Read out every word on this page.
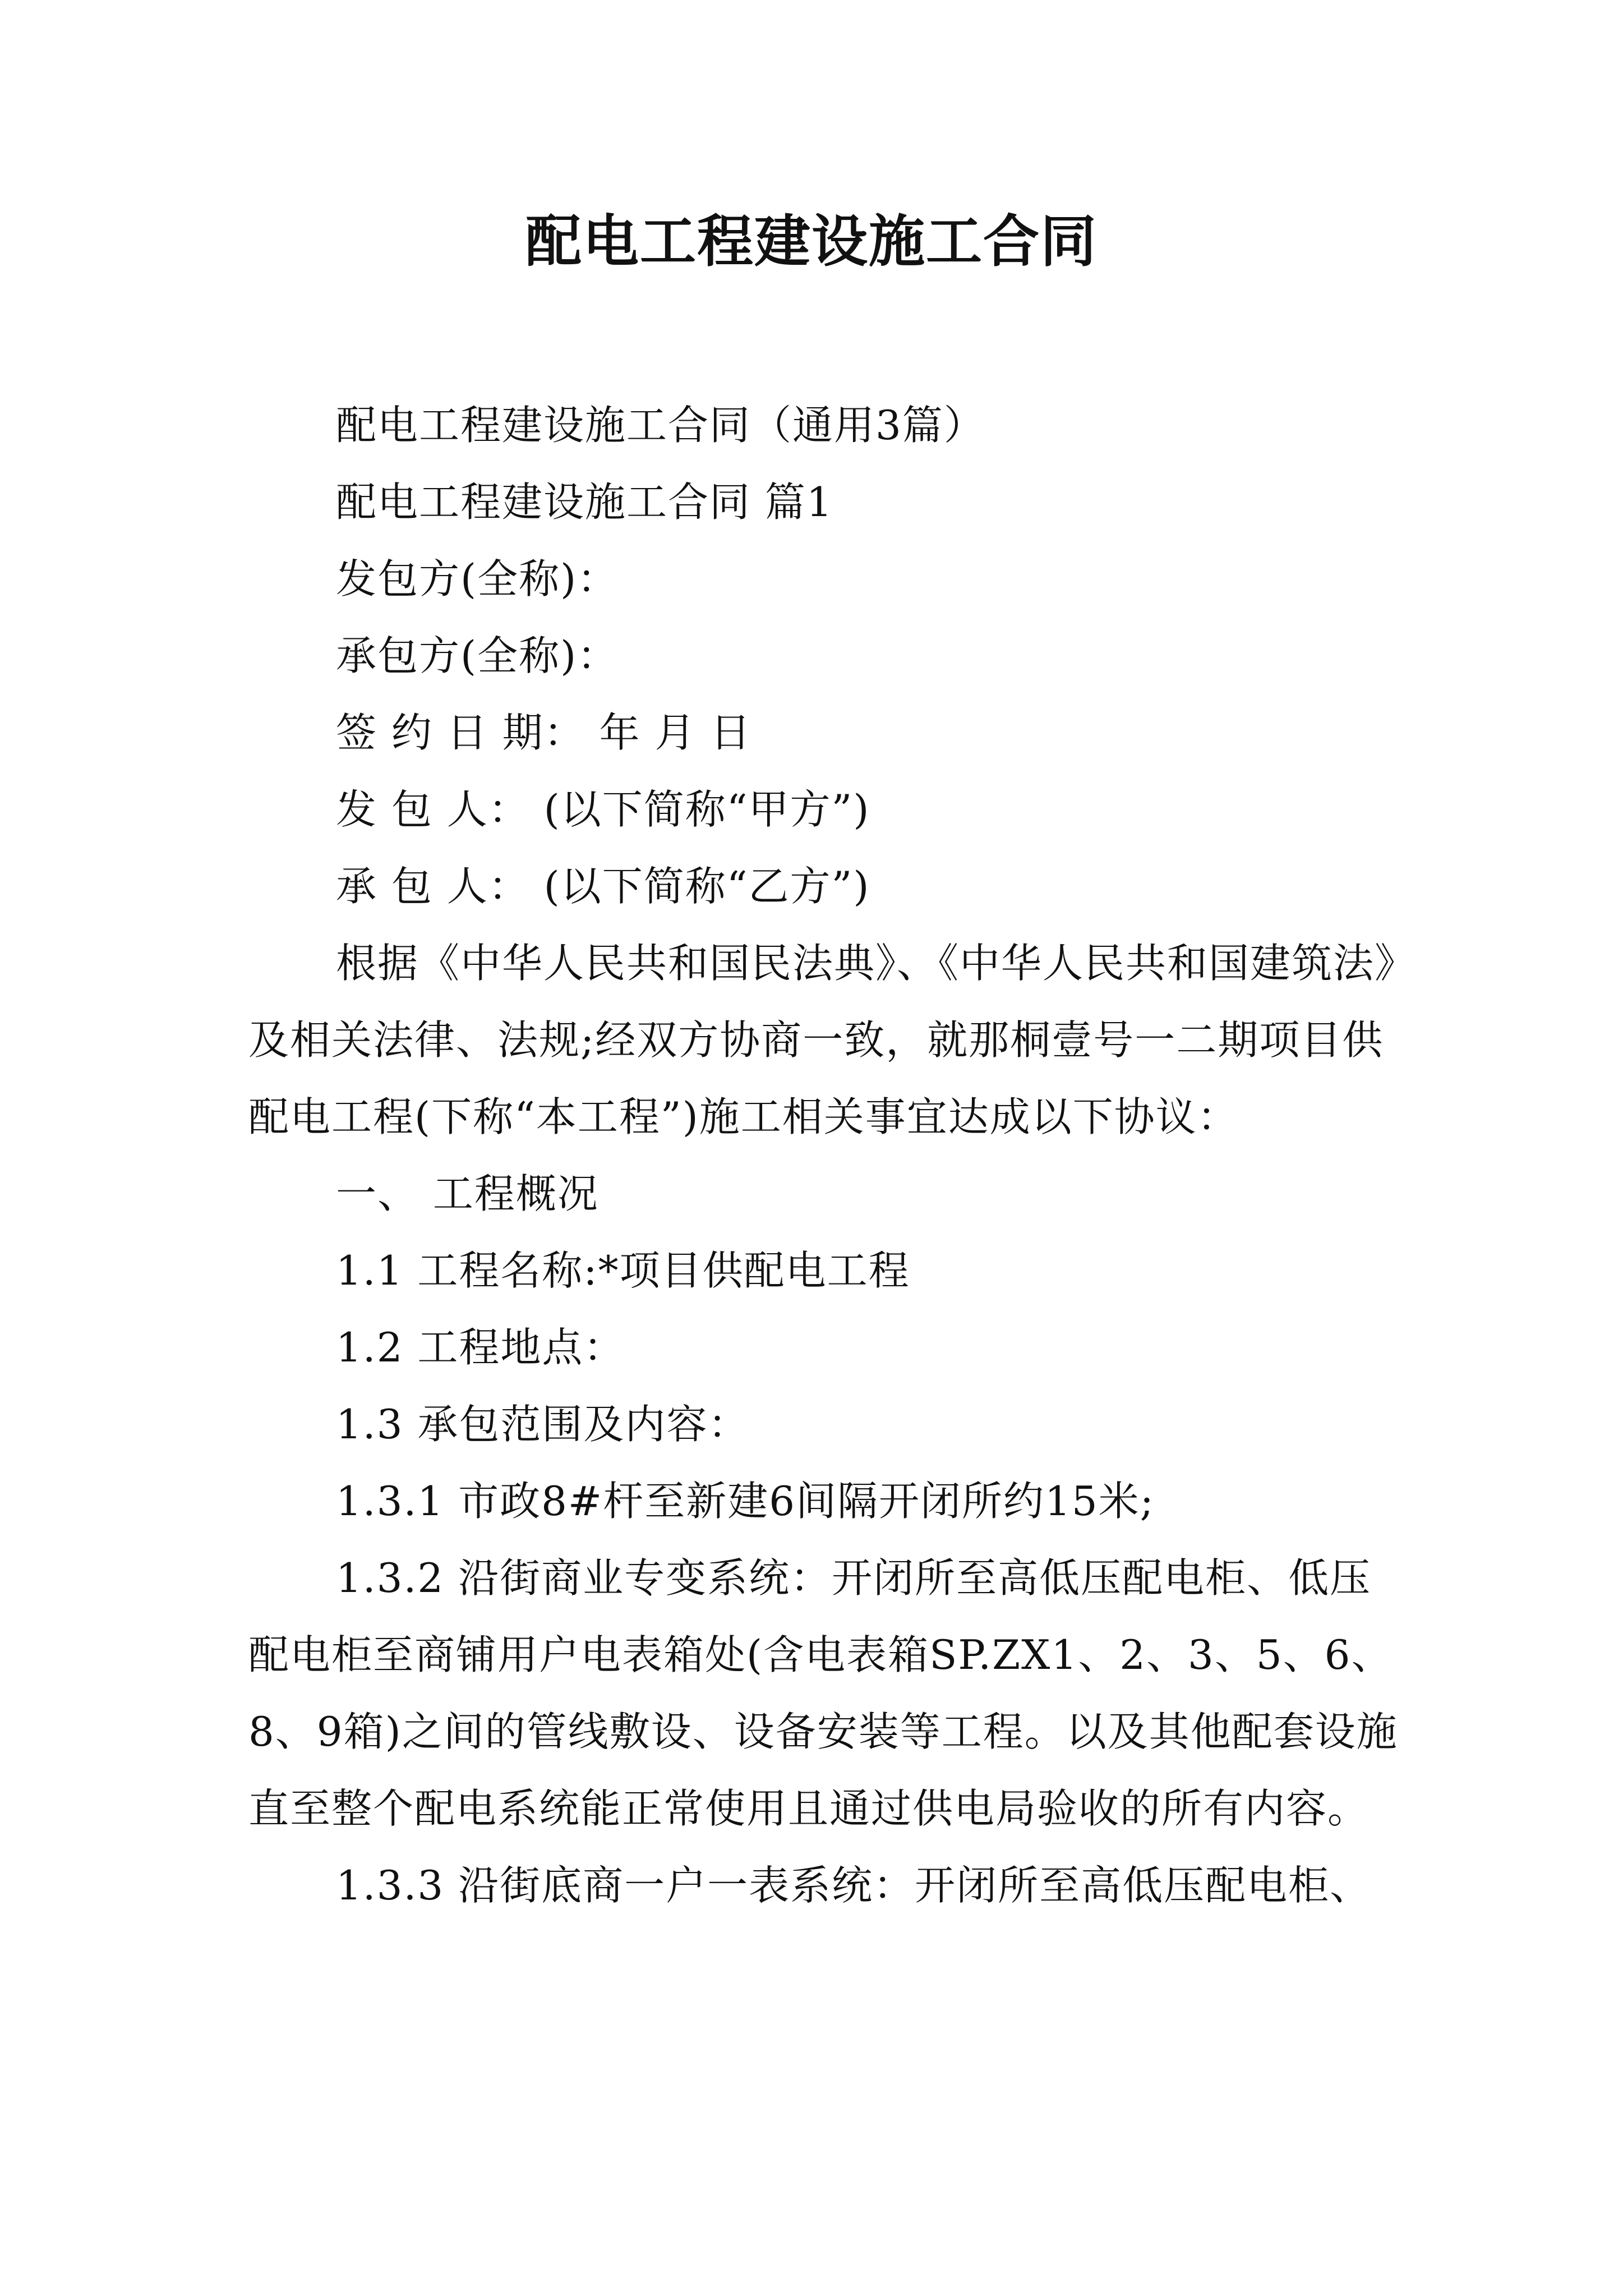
配电工程建设施工合同

配电工程建设施工合同（通用3篇）

配电工程建设施工合同 篇1

发包方(全称)：

承包方(全称)：

签 约 日 期： 年 月 日

发 包 人： (以下简称“甲方”)

承 包 人： (以下简称“乙方”)

根据《中华人民共和国民法典》、《中华人民共和国建筑法》及相关法律、法规;经双方协商一致，就那桐壹号一二期项目供配电工程(下称“本工程”)施工相关事宜达成以下协议：

一、 工程概况

1.1 工程名称:*项目供配电工程

1.2 工程地点：

1.3 承包范围及内容：

1.3.1 市政8#杆至新建6间隔开闭所约15米;

1.3.2 沿街商业专变系统：开闭所至高低压配电柜、低压配电柜至商铺用户电表箱处(含电表箱SP.ZX1、2、3、5、6、8、9箱)之间的管线敷设、设备安装等工程。以及其他配套设施直至整个配电系统能正常使用且通过供电局验收的所有内容。

1.3.3 沿街底商一户一表系统：开闭所至高低压配电柜、
